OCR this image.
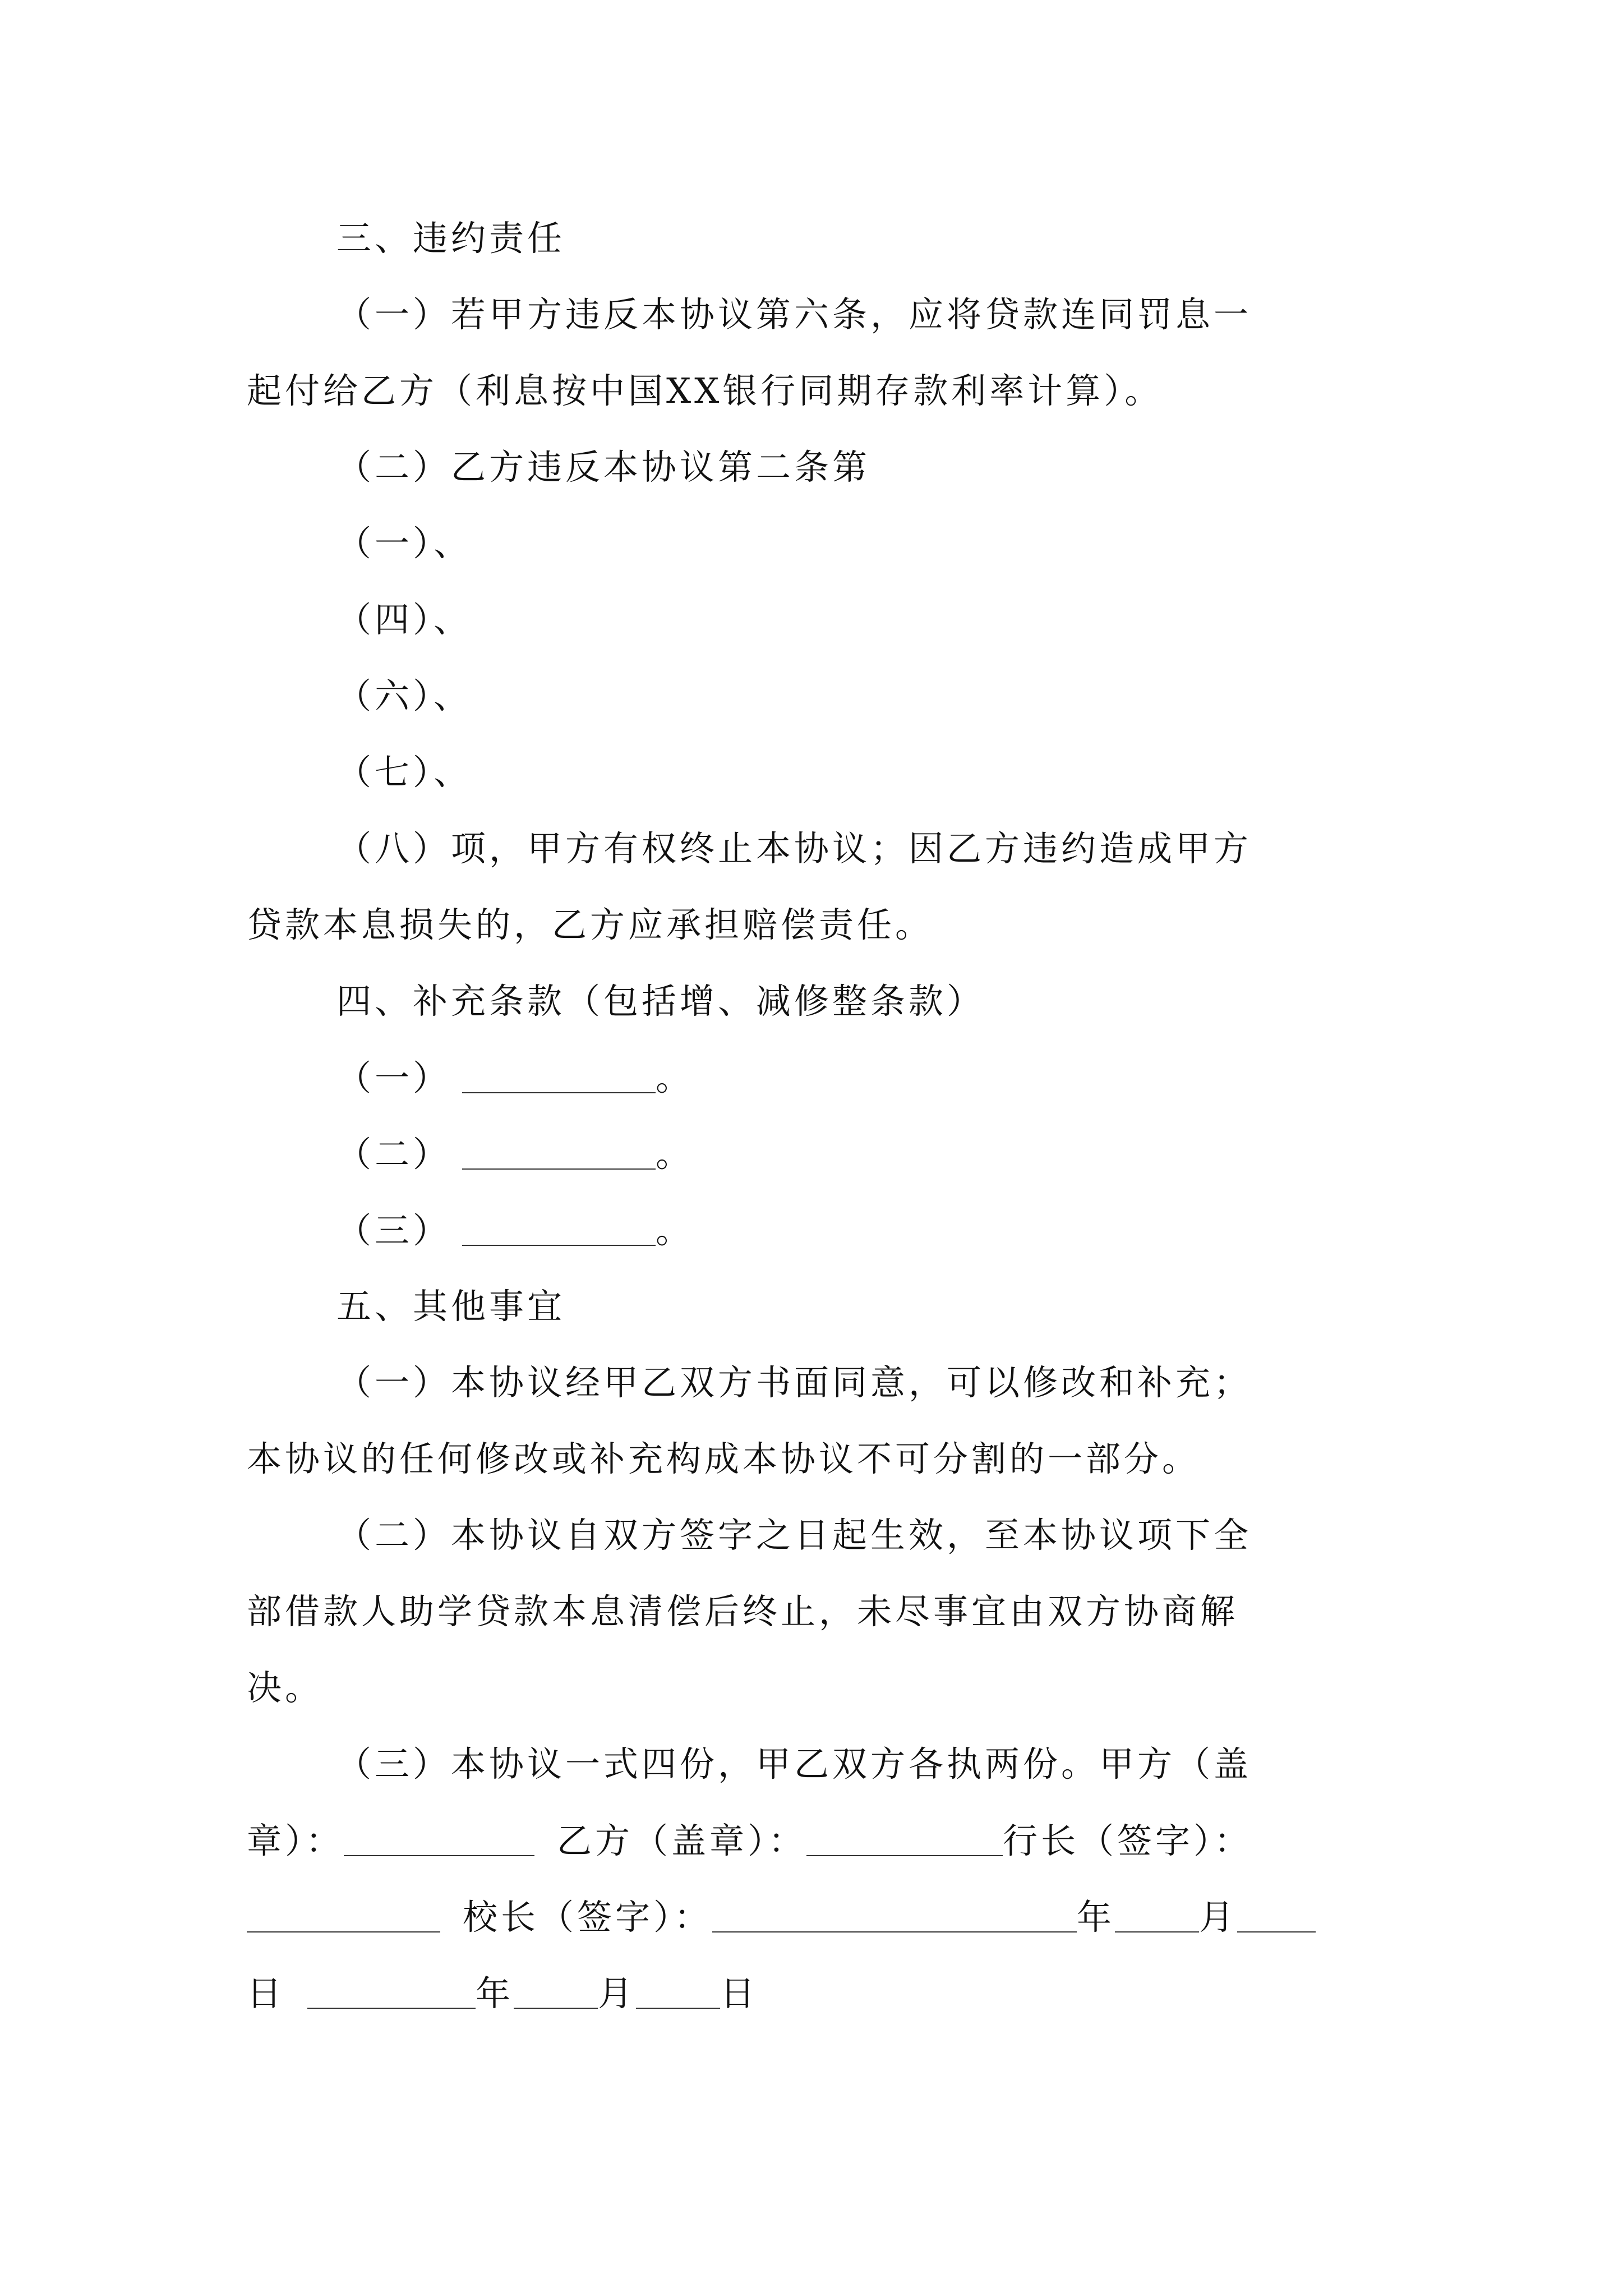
三、违约责任
（一）若甲方违反本协议第六条，应将贷款连同罚息一
起付给乙方（利息按中国XX银行同期存款利率计算）。
（二）乙方违反本协议第二条第
（一）、
（四）、
（六）、
（七）、
（八）项，甲方有权终止本协议；因乙方违约造成甲方
贷款本息损失的，乙方应承担赔偿责任。
四、补充条款（包括增、减修整条款）
（一）	。
（二）	。
（三）	。
五、其他事宜
（一）本协议经甲乙双方书面同意，可以修改和补充；
本协议的任何修改或补充构成本协议不可分割的一部分。
（二）本协议自双方签字之日起生效，至本协议项下全
部借款人助学贷款本息清偿后终止，未尽事宜由双方协商解
决。
（三）本协议一式四份，甲乙双方各执两份。甲方（盖
章）：	乙方（盖章）：	行长（签字）：
校长（签字）：	年 月
日	年 月 日
